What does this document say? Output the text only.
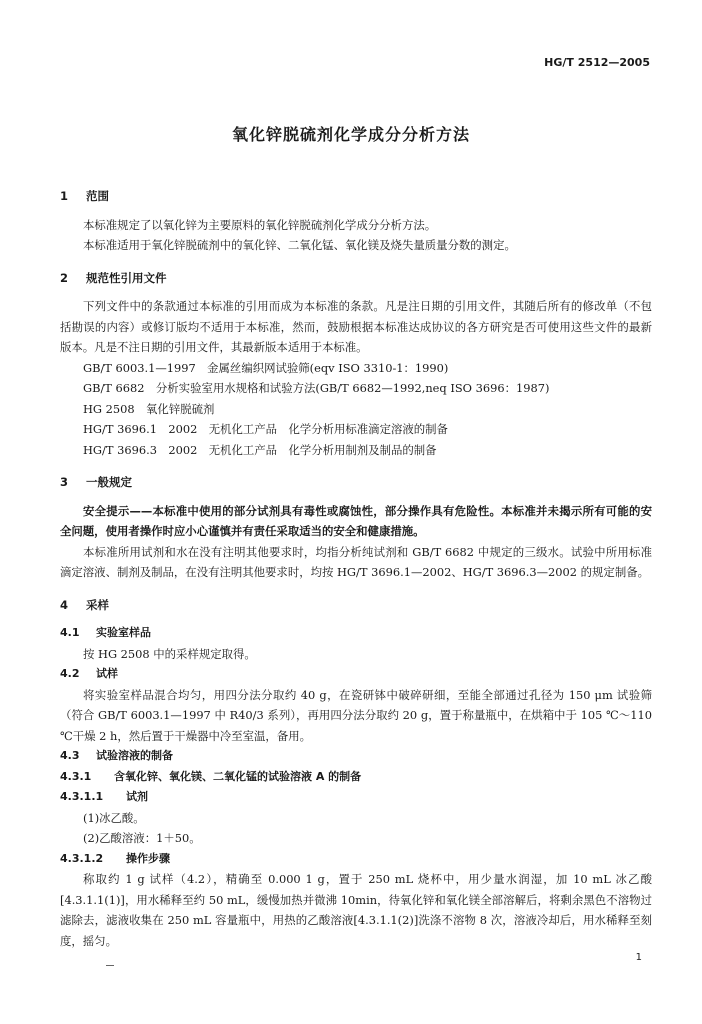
HG/T 2512—2005
氧化锌脱硫剂化学成分分析方法

1 范围

本标准规定了以氧化锌为主要原料的氧化锌脱硫剂化学成分分析方法。

本标准适用于氧化锌脱硫剂中的氧化锌、二氧化锰、氧化镁及烧失量质量分数的测定。

2 规范性引用文件

下列文件中的条款通过本标准的引用而成为本标准的条款。凡是注日期的引用文件，其随后所有的修改单（不包括勘误的内容）或修订版均不适用于本标准，然而，鼓励根据本标准达成协议的各方研究是否可使用这些文件的最新版本。凡是不注日期的引用文件，其最新版本适用于本标准。

GB/T 6003.1—1997　金属丝编织网试验筛(eqv ISO 3310-1：1990)

GB/T 6682　分析实验室用水规格和试验方法(GB/T 6682—1992,neq ISO 3696：1987)

HG 2508　氧化锌脱硫剂

HG/T 3696.1　2002　无机化工产品　化学分析用标准滴定溶液的制备

HG/T 3696.3　2002　无机化工产品　化学分析用制剂及制品的制备

3 一般规定

安全提示——本标准中使用的部分试剂具有毒性或腐蚀性，部分操作具有危险性。本标准并未揭示所有可能的安全问题，使用者操作时应小心谨慎并有责任采取适当的安全和健康措施。

本标准所用试剂和水在没有注明其他要求时，均指分析纯试剂和 GB/T 6682 中规定的三级水。试验中所用标准滴定溶液、制剂及制品，在没有注明其他要求时，均按 HG/T 3696.1—2002、HG/T 3696.3—2002 的规定制备。

4 采样

4.1 实验室样品

按 HG 2508 中的采样规定取得。

4.2 试样

将实验室样品混合均匀，用四分法分取约 40 g，在瓷研钵中破碎研细，至能全部通过孔径为 150 μm 试验筛（符合 GB/T 6003.1—1997 中 R40/3 系列），再用四分法分取约 20 g，置于称量瓶中，在烘箱中于 105 ℃～110 ℃干燥 2 h，然后置于干燥器中冷至室温，备用。

4.3 试验溶液的制备

4.3.1 含氧化锌、氧化镁、二氧化锰的试验溶液 A 的制备

4.3.1.1 试剂

(1)冰乙酸。

(2)乙酸溶液：1＋50。

4.3.1.2 操作步骤

称取约 1 g 试样（4.2），精确至 0.000 1 g，置于 250 mL 烧杯中，用少量水润湿，加 10 mL 冰乙酸[4.3.1.1(1)]，用水稀释至约 50 mL，缓慢加热并微沸 10min，待氧化锌和氧化镁全部溶解后，将剩余黑色不溶物过滤除去，滤液收集在 250 mL 容量瓶中，用热的乙酸溶液[4.3.1.1(2)]洗涤不溶物 8 次，溶液冷却后，用水稀释至刻度，摇匀。

1
